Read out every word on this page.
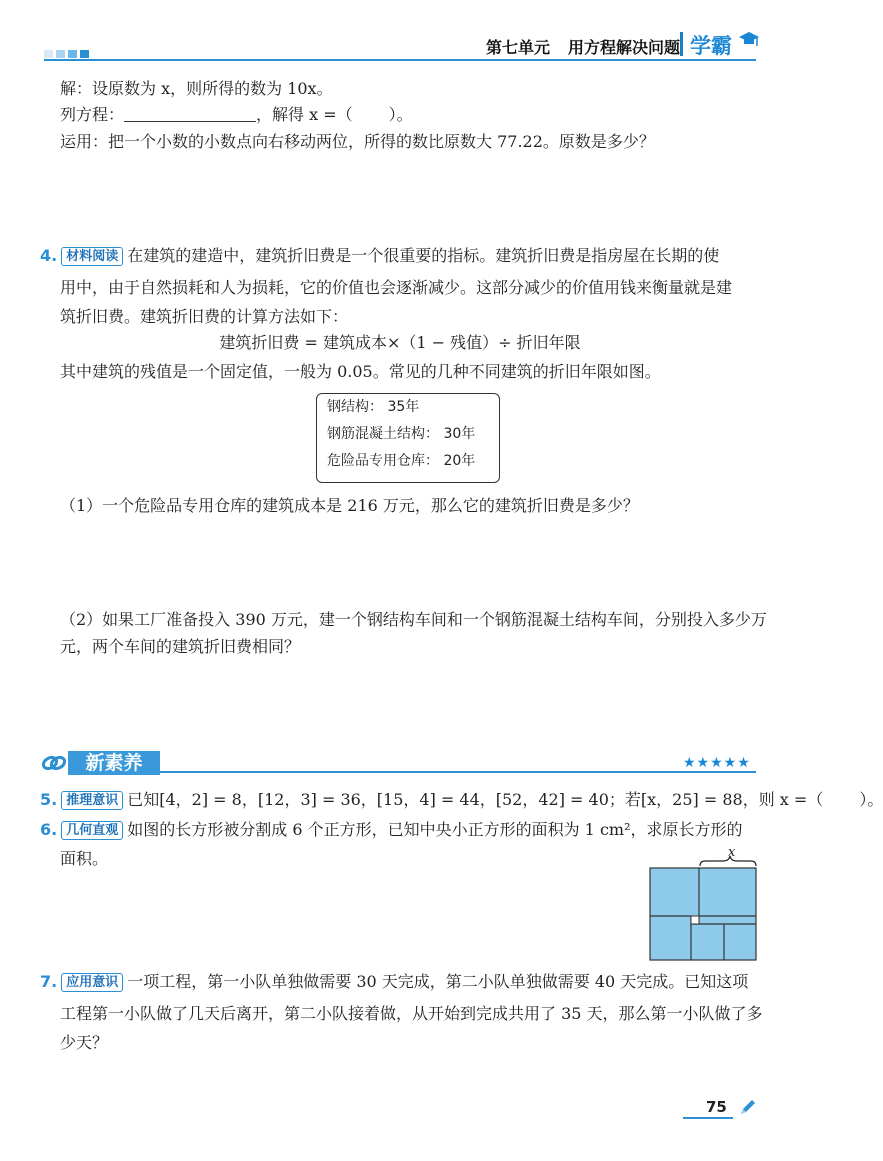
第七单元 用方程解决问题 学霸
解：设原数为 x，则所得的数为 10x。
列方程：	，解得 x =（ ）。
运用：把一个小数的小数点向右移动两位，所得的数比原数大 77.22。原数是多少？
4. 材料阅读 在建筑的建造中，建筑折旧费是一个很重要的指标。建筑折旧费是指房屋在长期的使
用中，由于自然损耗和人为损耗，它的价值也会逐渐减少。这部分减少的价值用钱来衡量就是建
筑折旧费。建筑折旧费的计算方法如下：
建筑折旧费 = 建筑成本×（1 − 残值）÷ 折旧年限
其中建筑的残值是一个固定值，一般为 0.05。常见的几种不同建筑的折旧年限如图。
钢结构： 35年
钢筋混凝土结构： 30年
危险品专用仓库： 20年
（1）一个危险品专用仓库的建筑成本是 216 万元，那么它的建筑折旧费是多少？
（2）如果工厂准备投入 390 万元，建一个钢结构车间和一个钢筋混凝土结构车间，分别投入多少万
元，两个车间的建筑折旧费相同？
新素养	★★★★★
5. 推理意识 已知[4，2] = 8，[12，3] = 36，[15，4] = 44，[52，42] = 40；若[x，25] = 88，则 x =（ ）。
6. 几何直观 如图的长方形被分割成 6 个正方形，已知中央小正方形的面积为 1 cm²，求原长方形的
面积。	x
7. 应用意识 一项工程，第一小队单独做需要 30 天完成，第二小队单独做需要 40 天完成。已知这项
工程第一小队做了几天后离开，第二小队接着做，从开始到完成共用了 35 天，那么第一小队做了多
少天？
75
